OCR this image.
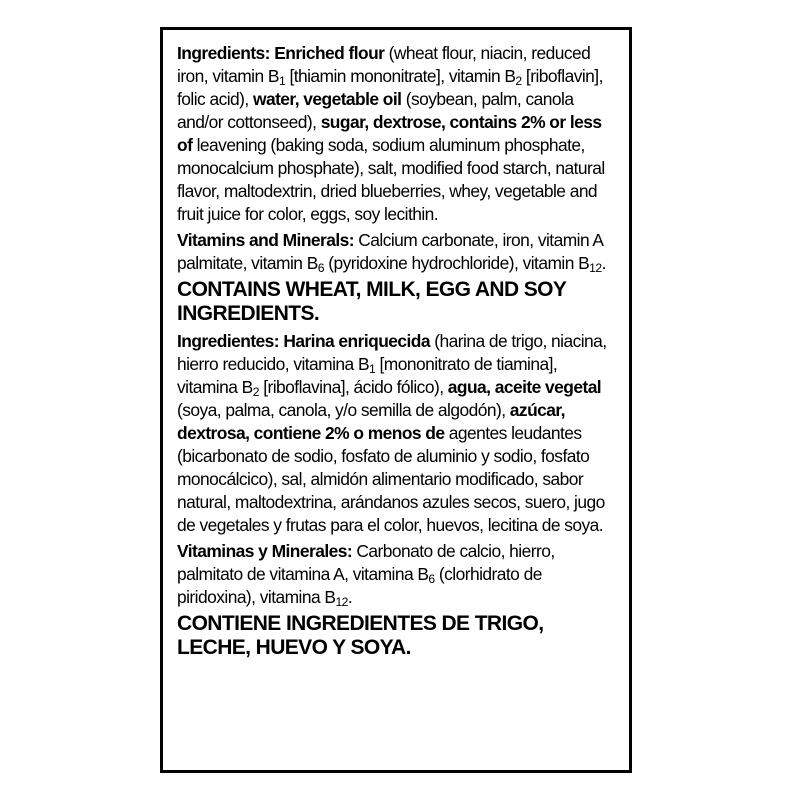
Ingredients: Enriched flour (wheat flour, niacin, reduced iron, vitamin $B_1$ [thiamin mononitrate], vitamin $B_2$ [riboflavin], folic acid), water, vegetable oil (soybean, palm, canola and/or cottonseed), sugar, dextrose, contains 2% or less of leavening (baking soda, sodium aluminum phosphate, monocalcium phosphate), salt, modified food starch, natural flavor, maltodextrin, dried blueberries, whey, vegetable and fruit juice for color, eggs, soy lecithin.

Vitamins and Minerals: Calcium carbonate, iron, vitamin A palmitate, vitamin $B_6$ (pyridoxine hydrochloride), vitamin $B_{12}$.

CONTAINS WHEAT, MILK, EGG AND SOY INGREDIENTS.

Ingredientes: Harina enriquecida (harina de trigo, niacina, hierro reducido, vitamina $B_1$ [mononitrato de tiamina], vitamina $B_2$ [riboflavina], ácido fólico), agua, aceite vegetal (soya, palma, canola, y/o semilla de algodón), azúcar, dextrosa, contiene 2% o menos de agentes leudantes (bicarbonato de sodio, fosfato de aluminio y sodio, fosfato monocálcico), sal, almidón alimentario modificado, sabor natural, maltodextrina, arándanos azules secos, suero, jugo de vegetales y frutas para el color, huevos, lecitina de soya.

Vitaminas y Minerales: Carbonato de calcio, hierro, palmitato de vitamina A, vitamina $B_6$ (clorhidrato de piridoxina), vitamina $B_{12}$.

CONTIENE INGREDIENTES DE TRIGO, LECHE, HUEVO Y SOYA.
